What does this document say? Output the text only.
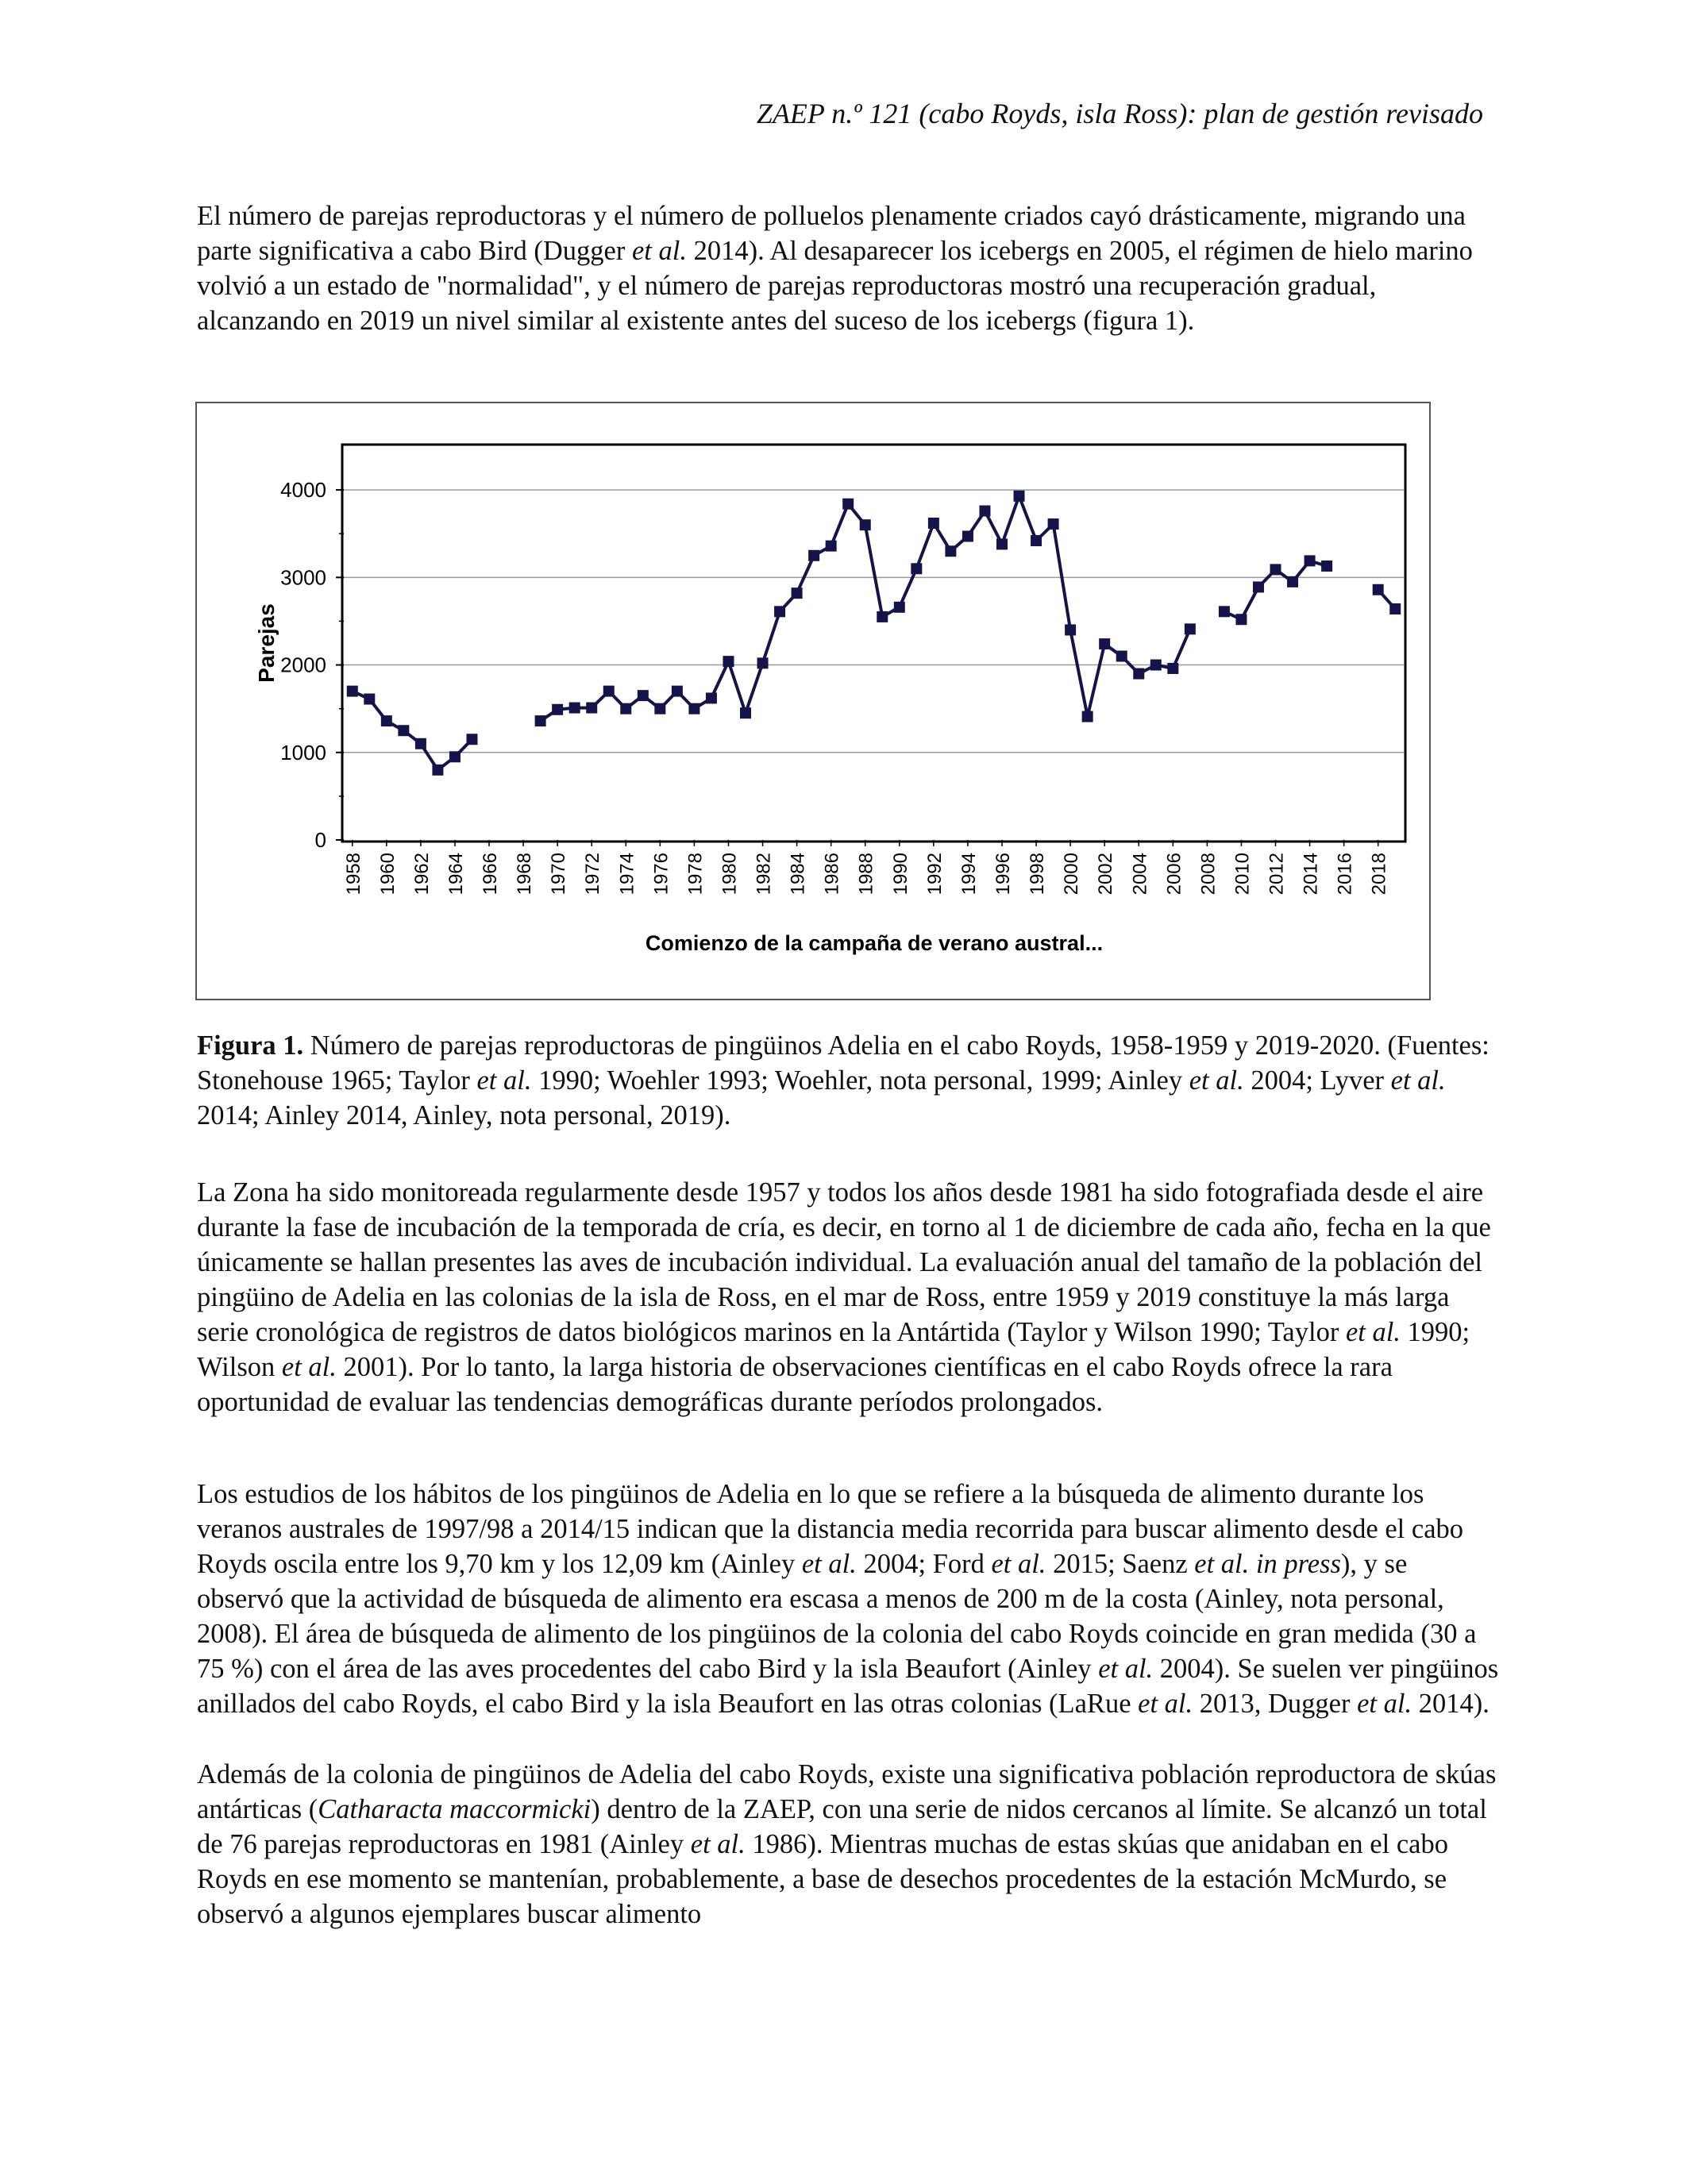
ZAEP n.º 121 (cabo Royds, isla Ross): plan de gestión revisado

El número de parejas reproductoras y el número de polluelos plenamente criados cayó drásticamente, migrando una parte significativa a cabo Bird (Dugger et al. 2014). Al desaparecer los icebergs en 2005, el régimen de hielo marino volvió a un estado de "normalidad", y el número de parejas reproductoras mostró una recuperación gradual, alcanzando en 2019 un nivel similar al existente antes del suceso de los icebergs (figura 1).

0
1000
2000
3000
4000
1958 1960 1962 1964 1966 1968 1970 1972 1974 1976 1978 1980 1982 1984 1986 1988 1990 1992 1994 1996 1998 2000 2002 2004 2006 2008 2010 2012 2014 2016 2018
Parejas
Comienzo de la campaña de verano austral...

Figura 1. Número de parejas reproductoras de pingüinos Adelia en el cabo Royds, 1958-1959 y 2019-2020. (Fuentes: Stonehouse 1965; Taylor et al. 1990; Woehler 1993; Woehler, nota personal, 1999; Ainley et al. 2004; Lyver et al. 2014; Ainley 2014, Ainley, nota personal, 2019).

La Zona ha sido monitoreada regularmente desde 1957 y todos los años desde 1981 ha sido fotografiada desde el aire durante la fase de incubación de la temporada de cría, es decir, en torno al 1 de diciembre de cada año, fecha en la que únicamente se hallan presentes las aves de incubación individual. La evaluación anual del tamaño de la población del pingüino de Adelia en las colonias de la isla de Ross, en el mar de Ross, entre 1959 y 2019 constituye la más larga serie cronológica de registros de datos biológicos marinos en la Antártida (Taylor y Wilson 1990; Taylor et al. 1990; Wilson et al. 2001). Por lo tanto, la larga historia de observaciones científicas en el cabo Royds ofrece la rara oportunidad de evaluar las tendencias demográficas durante períodos prolongados.

Los estudios de los hábitos de los pingüinos de Adelia en lo que se refiere a la búsqueda de alimento durante los veranos australes de 1997/98 a 2014/15 indican que la distancia media recorrida para buscar alimento desde el cabo Royds oscila entre los 9,70 km y los 12,09 km (Ainley et al. 2004; Ford et al. 2015; Saenz et al. in press), y se observó que la actividad de búsqueda de alimento era escasa a menos de 200 m de la costa (Ainley, nota personal, 2008). El área de búsqueda de alimento de los pingüinos de la colonia del cabo Royds coincide en gran medida (30 a 75 %) con el área de las aves procedentes del cabo Bird y la isla Beaufort (Ainley et al. 2004). Se suelen ver pingüinos anillados del cabo Royds, el cabo Bird y la isla Beaufort en las otras colonias (LaRue et al. 2013, Dugger et al. 2014).

Además de la colonia de pingüinos de Adelia del cabo Royds, existe una significativa población reproductora de skúas antárticas (Catharacta maccormicki) dentro de la ZAEP, con una serie de nidos cercanos al límite. Se alcanzó un total de 76 parejas reproductoras en 1981 (Ainley et al. 1986). Mientras muchas de estas skúas que anidaban en el cabo Royds en ese momento se mantenían, probablemente, a base de desechos procedentes de la estación McMurdo, se observó a algunos ejemplares buscar alimento
